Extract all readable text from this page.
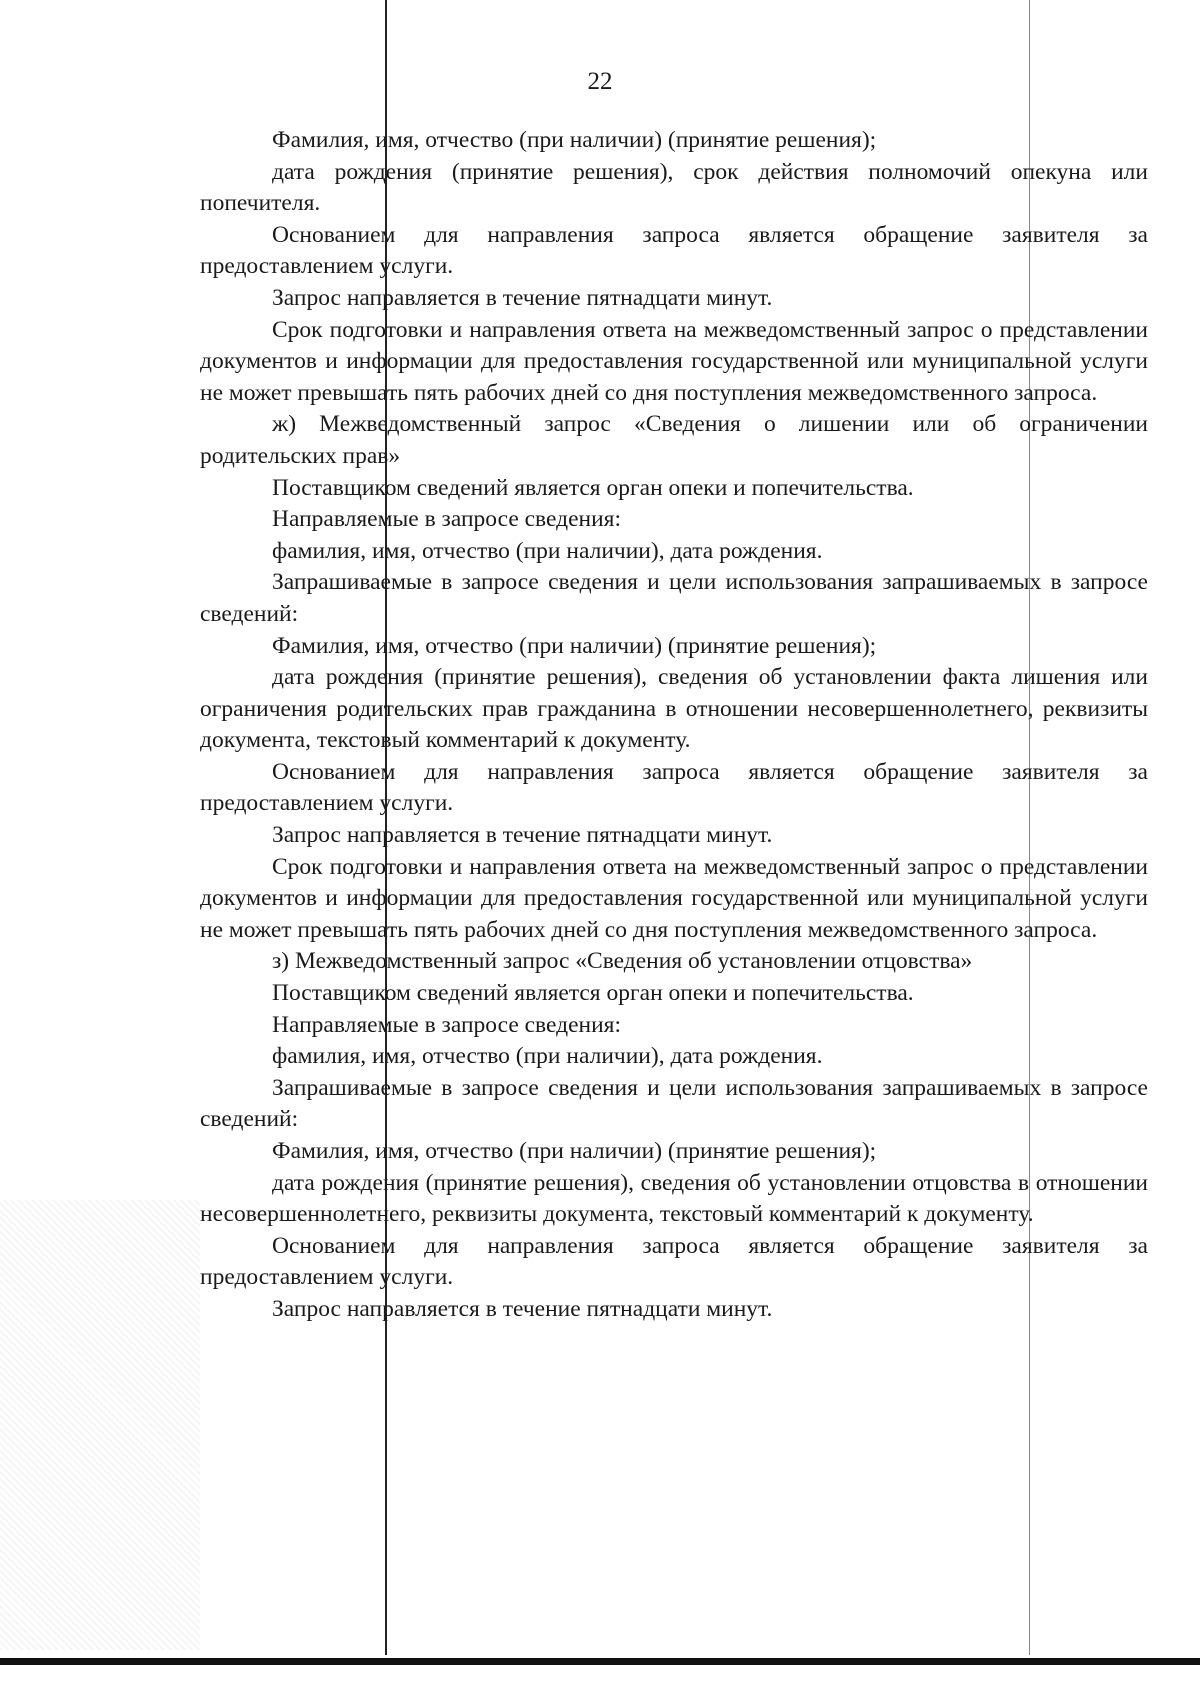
22

Фамилия, имя, отчество (при наличии) (принятие решения);

дата рождения (принятие решения), срок действия полномочий опекуна или попечителя.

Основанием для направления запроса является обращение заявителя за предоставлением услуги.

Запрос направляется в течение пятнадцати минут.

Срок подготовки и направления ответа на межведомственный запрос о представлении документов и информации для предоставления государственной или муниципальной услуги не может превышать пять рабочих дней со дня поступления межведомственного запроса.

ж) Межведомственный запрос «Сведения о лишении или об ограничении родительских прав»

Поставщиком сведений является орган опеки и попечительства.

Направляемые в запросе сведения:

фамилия, имя, отчество (при наличии), дата рождения.

Запрашиваемые в запросе сведения и цели использования запрашиваемых в запросе сведений:

Фамилия, имя, отчество (при наличии) (принятие решения);

дата рождения (принятие решения), сведения об установлении факта лишения или ограничения родительских прав гражданина в отношении несовершеннолетнего, реквизиты документа, текстовый комментарий к документу.

Основанием для направления запроса является обращение заявителя за предоставлением услуги.

Запрос направляется в течение пятнадцати минут.

Срок подготовки и направления ответа на межведомственный запрос о представлении документов и информации для предоставления государственной или муниципальной услуги не может превышать пять рабочих дней со дня поступления межведомственного запроса.

з) Межведомственный запрос «Сведения об установлении отцовства»

Поставщиком сведений является орган опеки и попечительства.

Направляемые в запросе сведения:

фамилия, имя, отчество (при наличии), дата рождения.

Запрашиваемые в запросе сведения и цели использования запрашиваемых в запросе сведений:

Фамилия, имя, отчество (при наличии) (принятие решения);

дата рождения (принятие решения), сведения об установлении отцовства в отношении несовершеннолетнего, реквизиты документа, текстовый комментарий к документу.

Основанием для направления запроса является обращение заявителя за предоставлением услуги.

Запрос направляется в течение пятнадцати минут.
